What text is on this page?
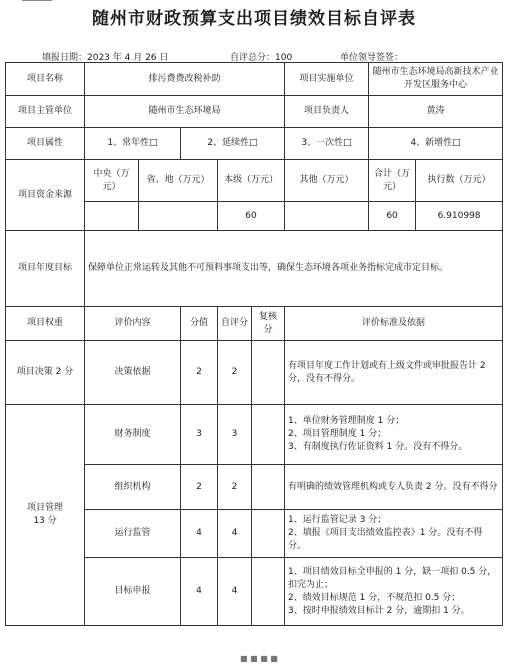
随州市财政预算支出项目绩效目标自评表
填报日期：2023 年 4 月 26 日	自评总分：100	单位领导签签：
项目名称	排污费费改税补助					项目实施单位	随州市生态环境局高新技术产业开发区服务中心		
项目主管单位	随州市生态环境局					项目负责人	黄涛		
项目属性	1、常年性□		2、延续性□			3、一次性□	4、新增性□		
项目资金来源	中央（万元）	省、地（万元）		本级（万元）		其他（万元）	合计（万元）	执行数（万元）	
				60			60	6.910998	
项目年度目标	保障单位正常运转及其他不可预料事项支出等，确保生态环境各项业务指标完成市定目标。								
项目权重	评价内容		分值	自评分	复核分	评价标准及依据			
项目决策 2 分	决策依据		2	2		有项目年度工作计划或有上级文件或审批报告计 2 分，没有不得分。			
项目管理
13 分	财务制度		3	3		1、单位财务管理制度 1 分；
2、项目管理制度 1 分；
3、有制度执行佐证资料 1 分。没有不得分。			
	组织机构		2	2		有明确的绩效管理机构或专人负责 2 分。没有不得分			
	运行监管		4	4		1、运行监管记录 3 分；
2、填报《项目支出绩效监控表》1 分。没有不得分。			
	目标申报		4	4		1、项目绩效目标全申报的 1 分，缺一项扣 0.5 分，扣完为止；
2、绩效目标规范 1 分，不规范扣 0.5 分；
3、按时申报绩效目标计 2 分，逾期扣 1 分。			
■ ■ ■ ■
